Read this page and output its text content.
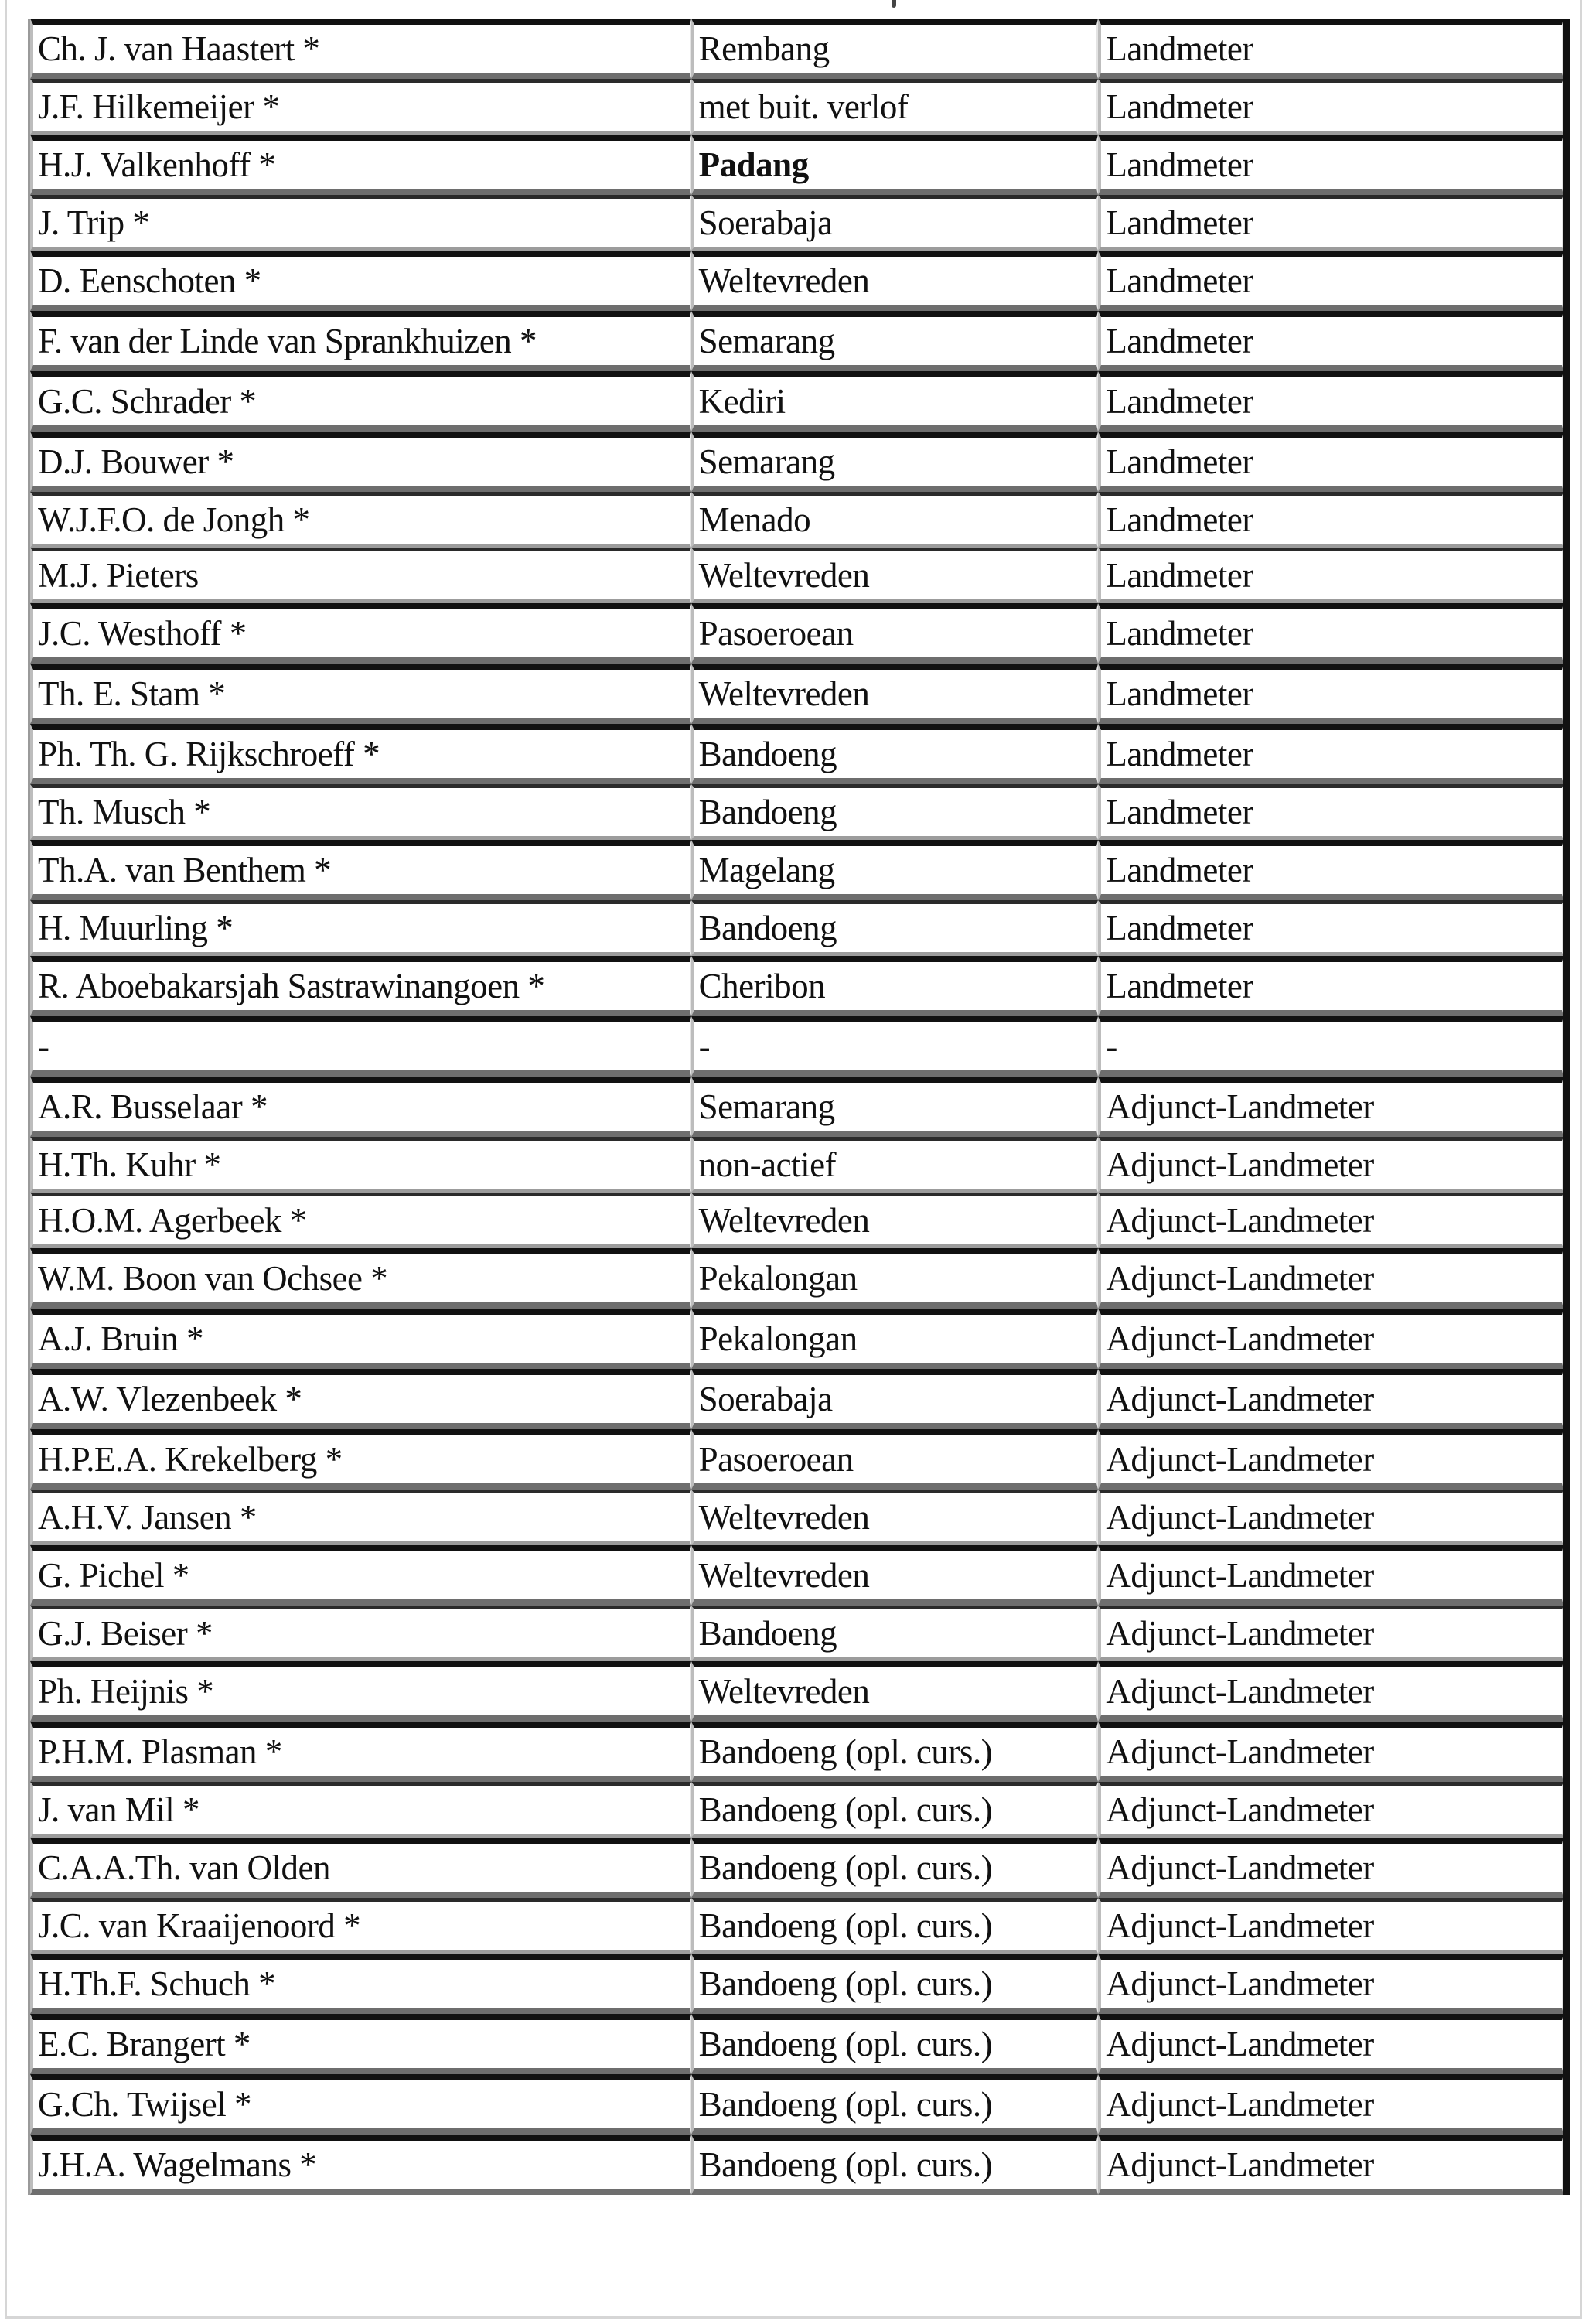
Ch. J. van Haastert *	Rembang	Landmeter
J.F. Hilkemeijer *	met buit. verlof	Landmeter
H.J. Valkenhoff *	Padang	Landmeter
J. Trip *	Soerabaja	Landmeter
D. Eenschoten *	Weltevreden	Landmeter
F. van der Linde van Sprankhuizen *	Semarang	Landmeter
G.C. Schrader *	Kediri	Landmeter
D.J. Bouwer *	Semarang	Landmeter
W.J.F.O. de Jongh *	Menado	Landmeter
M.J. Pieters	Weltevreden	Landmeter
J.C. Westhoff *	Pasoeroean	Landmeter
Th. E. Stam *	Weltevreden	Landmeter
Ph. Th. G. Rijkschroeff *	Bandoeng	Landmeter
Th. Musch *	Bandoeng	Landmeter
Th.A. van Benthem *	Magelang	Landmeter
H. Muurling *	Bandoeng	Landmeter
R. Aboebakarsjah Sastrawinangoen *	Cheribon	Landmeter
-	-	-
A.R. Busselaar *	Semarang	Adjunct-Landmeter
H.Th. Kuhr *	non-actief	Adjunct-Landmeter
H.O.M. Agerbeek *	Weltevreden	Adjunct-Landmeter
W.M. Boon van Ochsee *	Pekalongan	Adjunct-Landmeter
A.J. Bruin *	Pekalongan	Adjunct-Landmeter
A.W. Vlezenbeek *	Soerabaja	Adjunct-Landmeter
H.P.E.A. Krekelberg *	Pasoeroean	Adjunct-Landmeter
A.H.V. Jansen *	Weltevreden	Adjunct-Landmeter
G. Pichel *	Weltevreden	Adjunct-Landmeter
G.J. Beiser *	Bandoeng	Adjunct-Landmeter
Ph. Heijnis *	Weltevreden	Adjunct-Landmeter
P.H.M. Plasman *	Bandoeng (opl. curs.)	Adjunct-Landmeter
J. van Mil *	Bandoeng (opl. curs.)	Adjunct-Landmeter
C.A.A.Th. van Olden	Bandoeng (opl. curs.)	Adjunct-Landmeter
J.C. van Kraaijenoord *	Bandoeng (opl. curs.)	Adjunct-Landmeter
H.Th.F. Schuch *	Bandoeng (opl. curs.)	Adjunct-Landmeter
E.C. Brangert *	Bandoeng (opl. curs.)	Adjunct-Landmeter
G.Ch. Twijsel *	Bandoeng (opl. curs.)	Adjunct-Landmeter
J.H.A. Wagelmans *	Bandoeng (opl. curs.)	Adjunct-Landmeter
